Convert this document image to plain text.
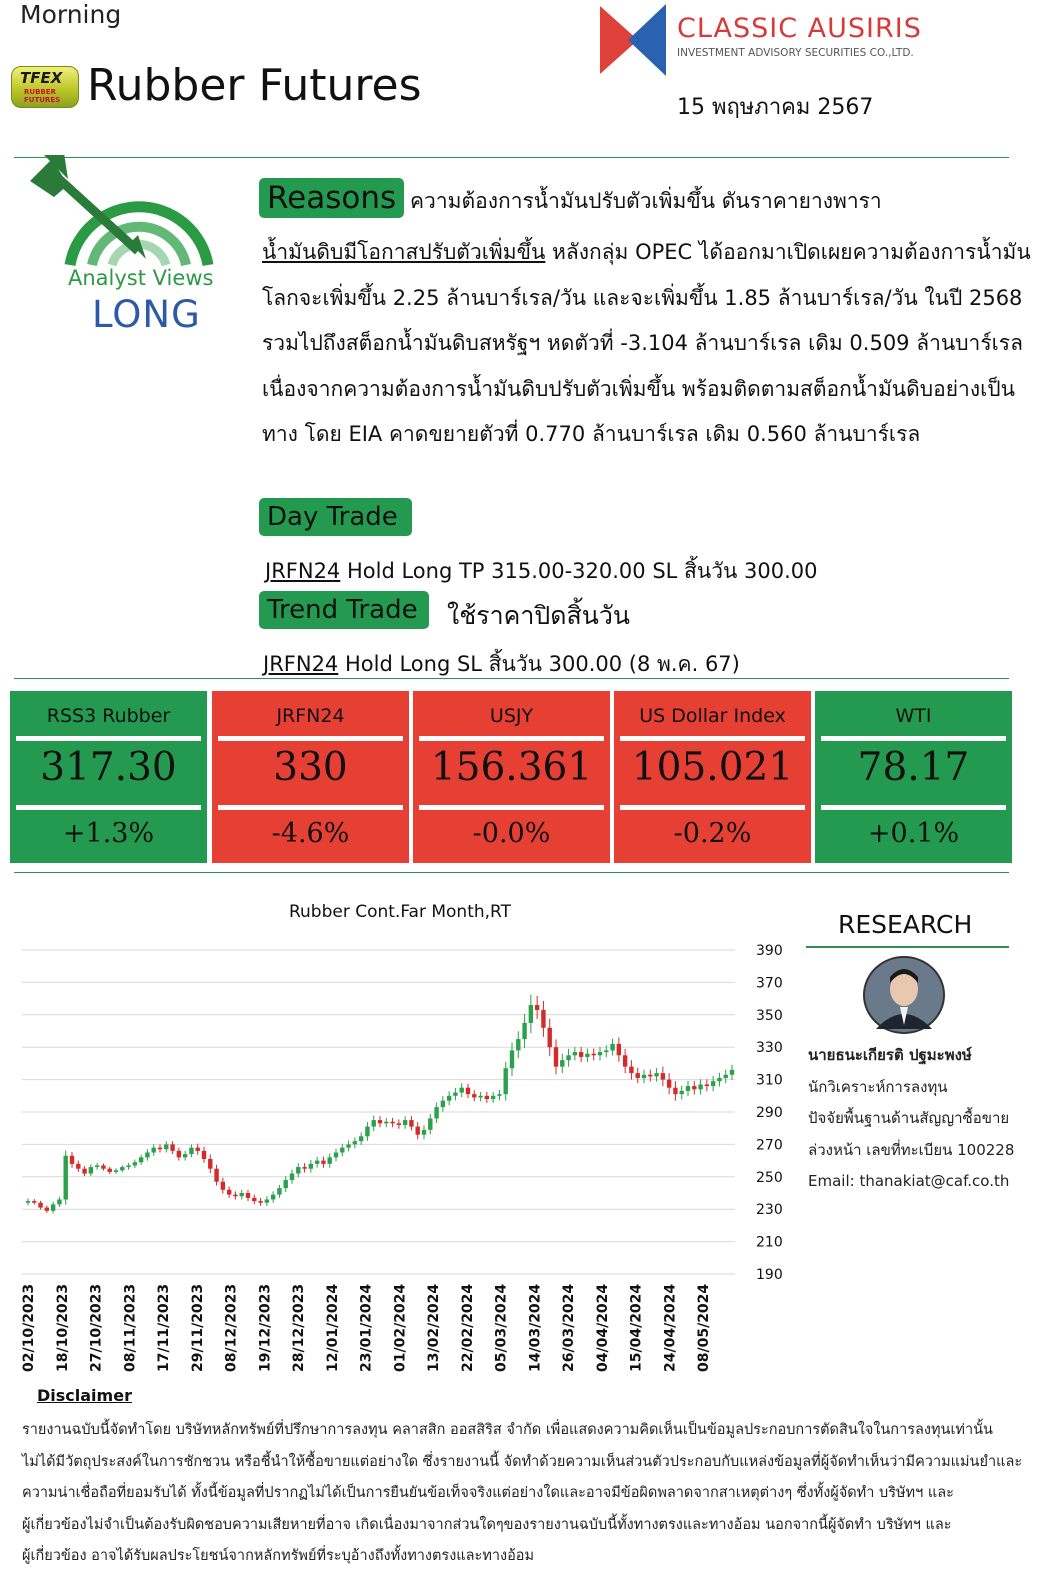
Morning
TFEX
RUBBER FUTURES Rubber Futures
CLASSIC AUSIRIS
INVESTMENT ADVISORY SECURITIES CO.,LTD.
15 พฤษภาคม 2567
Analyst Views
LONG
Reasons ความต้องการน้ำมันปรับตัวเพิ่มขึ้น ดันราคายางพารา
น้ำมันดิบมีโอกาสปรับตัวเพิ่มขึ้น หลังกลุ่ม OPEC ได้ออกมาเปิดเผยความต้องการน้ำมันโลกจะเพิ่มขึ้น 2.25 ล้านบาร์เรล/วัน และจะเพิ่มขึ้น 1.85 ล้านบาร์เรล/วัน ในปี 2568 รวมไปถึงสต็อกน้ำมันดิบสหรัฐฯ หดตัวที่ -3.104 ล้านบาร์เรล เดิม 0.509 ล้านบาร์เรล เนื่องจากความต้องการน้ำมันดิบปรับตัวเพิ่มขึ้น พร้อมติดตามสต็อกน้ำมันดิบอย่างเป็นทาง โดย EIA คาดขยายตัวที่ 0.770 ล้านบาร์เรล เดิม 0.560 ล้านบาร์เรล
Day Trade
JRFN24 Hold Long TP 315.00-320.00 SL สิ้นวัน 300.00
Trend Trade	ใช้ราคาปิดสิ้นวัน
JRFN24 Hold Long SL สิ้นวัน 300.00 (8 พ.ค. 67)
RSS3 Rubber
317.30
+1.3%
JRFN24
330
-4.6%
USJY
156.361
-0.0%
US Dollar Index
105.021
-0.2%
WTI
78.17
+0.1%
Rubber Cont.Far Month,RT
390
370
350
330
310
290
270
250
230
210
190
02/10/2023 18/10/2023 27/10/2023 08/11/2023 17/11/2023 29/11/2023 08/12/2023 19/12/2023 28/12/2023 12/01/2024 23/01/2024 01/02/2024 13/02/2024 22/02/2024 05/03/2024 14/03/2024 26/03/2024 04/04/2024 15/04/2024 24/04/2024 08/05/2024
RESEARCH
นายธนะเกียรติ ปฐมะพงษ์
นักวิเคราะห์การลงทุน
ปัจจัยพื้นฐานด้านสัญญาซื้อขาย
ล่วงหน้า เลขที่ทะเบียน 100228
Email: thanakiat@caf.co.th
Disclaimer
รายงานฉบับนี้จัดทำโดย บริษัทหลักทรัพย์ที่ปรึกษาการลงทุน คลาสสิก ออสสิริส จำกัด เพื่อแสดงความคิดเห็นเป็นข้อมูลประกอบการตัดสินใจในการลงทุนเท่านั้น
ไม่ได้มีวัตถุประสงค์ในการชักชวน หรือชี้นำให้ซื้อขายแต่อย่างใด ซึ่งรายงานนี้ จัดทำด้วยความเห็นส่วนตัวประกอบกับแหล่งข้อมูลที่ผู้จัดทำเห็นว่ามีความแม่นยำและ
ความน่าเชื่อถือที่ยอมรับได้ ทั้งนี้ข้อมูลที่ปรากฏไม่ได้เป็นการยืนยันข้อเท็จจริงแต่อย่างใดและอาจมีข้อผิดพลาดจากสาเหตุต่างๆ ซึ่งทั้งผู้จัดทำ บริษัทฯ และ
ผู้เกี่ยวข้องไม่จำเป็นต้องรับผิดชอบความเสียหายที่อาจ เกิดเนื่องมาจากส่วนใดๆของรายงานฉบับนี้ทั้งทางตรงและทางอ้อม นอกจากนี้ผู้จัดทำ บริษัทฯ และ
ผู้เกี่ยวข้อง อาจได้รับผลประโยชน์จากหลักทรัพย์ที่ระบุอ้างถึงทั้งทางตรงและทางอ้อม
